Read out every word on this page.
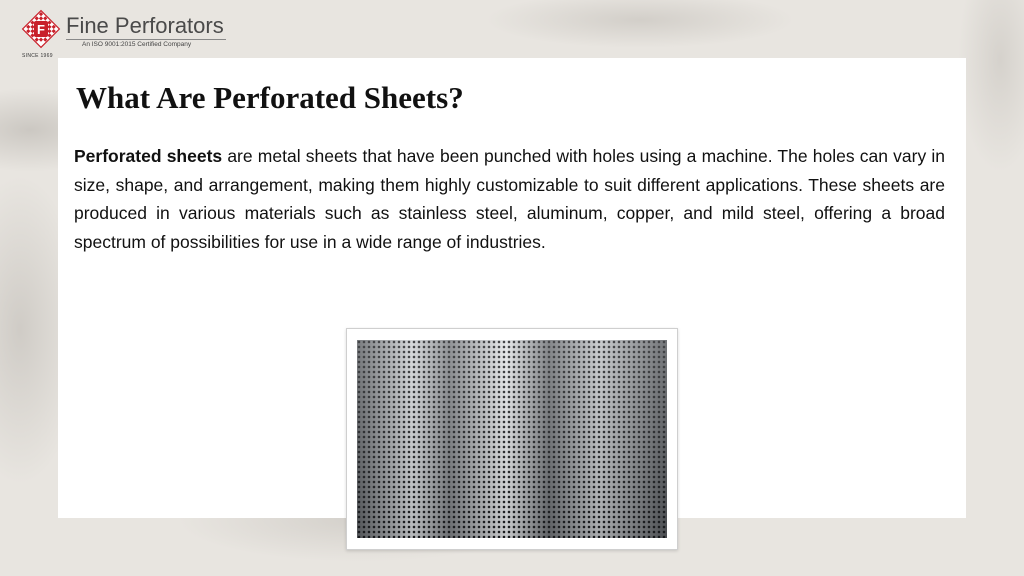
F
SINCE 1969
Fine Perforators
An ISO 9001:2015 Certified Company
What Are Perforated Sheets?

Perforated sheets are metal sheets that have been punched with holes using a machine. The holes can vary in size, shape, and arrangement, making them highly customizable to suit different applications. These sheets are produced in various materials such as stainless steel, aluminum, copper, and mild steel, offering a broad spectrum of possibilities for use in a wide range of industries.
